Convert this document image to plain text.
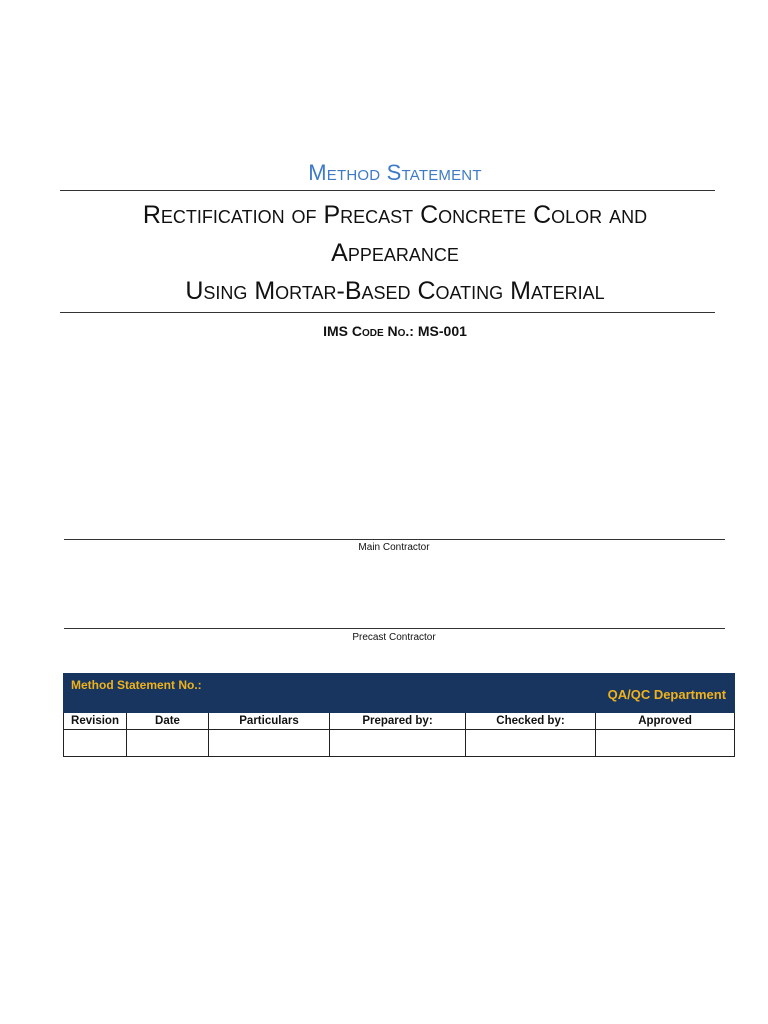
Method Statement
Rectification of Precast Concrete Color and
Appearance
Using Mortar-Based Coating Material
IMS Code No.: MS-001
Main Contractor
Precast Contractor
Method Statement No.:
QA/QC Department					

Revision	Date	Particulars	Prepared by:	Checked by:	Approved
